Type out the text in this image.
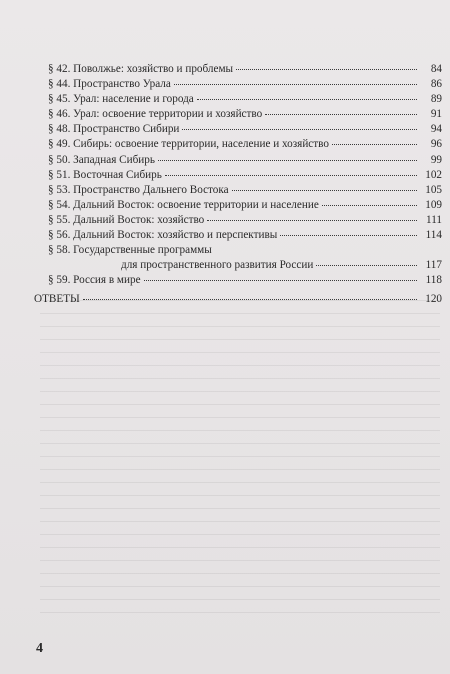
§ 42. Поволжье: хозяйство и проблемы	84
§ 44. Пространство Урала	86
§ 45. Урал: население и города	89
§ 46. Урал: освоение территории и хозяйство	91
§ 48. Пространство Сибири	94
§ 49. Сибирь: освоение территории, население и хозяйство	96
§ 50. Западная Сибирь	99
§ 51. Восточная Сибирь	102
§ 53. Пространство Дальнего Востока	105
§ 54. Дальний Восток: освоение территории и население	109
§ 55. Дальний Восток: хозяйство	111
§ 56. Дальний Восток: хозяйство и перспективы	114
§ 58. Государственные программы
для пространственного развития России	117
§ 59. Россия в мире	118
ОТВЕТЫ	120
4
